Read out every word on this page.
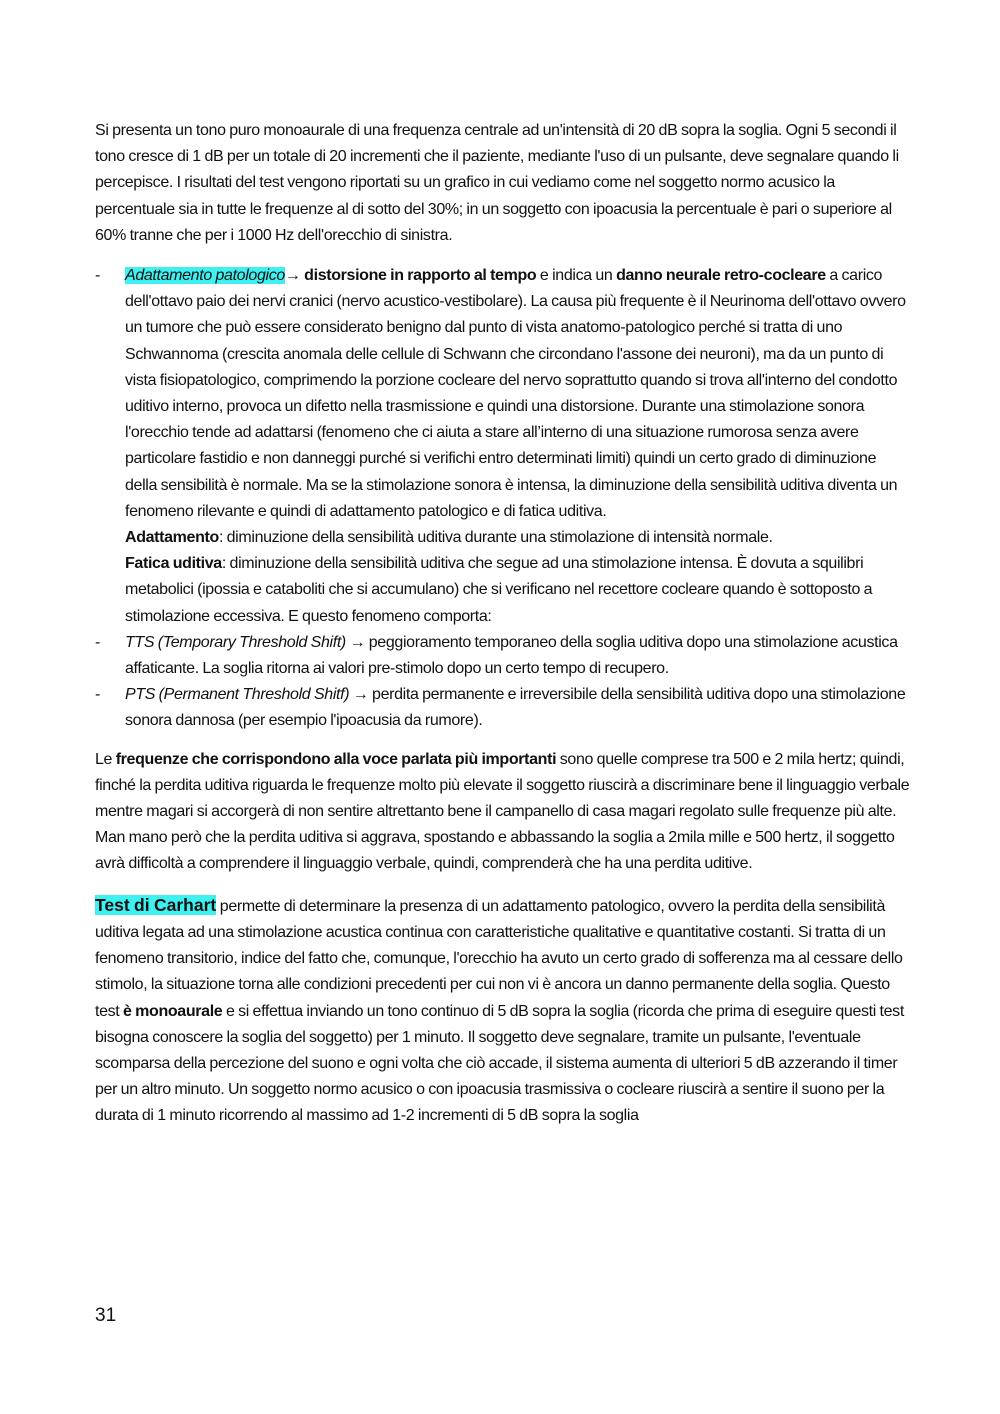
Si presenta un tono puro monoaurale di una frequenza centrale ad un'intensità di 20 dB sopra la soglia. Ogni 5 secondi il tono cresce di 1 dB per un totale di 20 incrementi che il paziente, mediante l'uso di un pulsante, deve segnalare quando li percepisce. I risultati del test vengono riportati su un grafico in cui vediamo come nel soggetto normo acusico la percentuale sia in tutte le frequenze al di sotto del 30%; in un soggetto con ipoacusia la percentuale è pari o superiore al 60% tranne che per i 1000 Hz dell'orecchio di sinistra.

- Adattamento patologico→ distorsione in rapporto al tempo e indica un danno neurale retro-cocleare a carico dell'ottavo paio dei nervi cranici (nervo acustico-vestibolare). La causa più frequente è il Neurinoma dell'ottavo ovvero un tumore che può essere considerato benigno dal punto di vista anatomo-patologico perché si tratta di uno Schwannoma (crescita anomala delle cellule di Schwann che circondano l'assone dei neuroni), ma da un punto di vista fisiopatologico, comprimendo la porzione cocleare del nervo soprattutto quando si trova all'interno del condotto uditivo interno, provoca un difetto nella trasmissione e quindi una distorsione. Durante una stimolazione sonora l'orecchio tende ad adattarsi (fenomeno che ci aiuta a stare all’interno di una situazione rumorosa senza avere particolare fastidio e non danneggi purché si verifichi entro determinati limiti) quindi un certo grado di diminuzione della sensibilità è normale. Ma se la stimolazione sonora è intensa, la diminuzione della sensibilità uditiva diventa un fenomeno rilevante e quindi di adattamento patologico e di fatica uditiva.
Adattamento: diminuzione della sensibilità uditiva durante una stimolazione di intensità normale.
Fatica uditiva: diminuzione della sensibilità uditiva che segue ad una stimolazione intensa. È dovuta a squilibri metabolici (ipossia e cataboliti che si accumulano) che si verificano nel recettore cocleare quando è sottoposto a stimolazione eccessiva. E questo fenomeno comporta:
- TTS (Temporary Threshold Shift) → peggioramento temporaneo della soglia uditiva dopo una stimolazione acustica affaticante. La soglia ritorna ai valori pre-stimolo dopo un certo tempo di recupero.
- PTS (Permanent Threshold Shitf) → perdita permanente e irreversibile della sensibilità uditiva dopo una stimolazione sonora dannosa (per esempio l'ipoacusia da rumore).

Le frequenze che corrispondono alla voce parlata più importanti sono quelle comprese tra 500 e 2 mila hertz; quindi, finché la perdita uditiva riguarda le frequenze molto più elevate il soggetto riuscirà a discriminare bene il linguaggio verbale mentre magari si accorgerà di non sentire altrettanto bene il campanello di casa magari regolato sulle frequenze più alte. Man mano però che la perdita uditiva si aggrava, spostando e abbassando la soglia a 2mila mille e 500 hertz, il soggetto avrà difficoltà a comprendere il linguaggio verbale, quindi, comprenderà che ha una perdita uditive.

Test di Carhart permette di determinare la presenza di un adattamento patologico, ovvero la perdita della sensibilità uditiva legata ad una stimolazione acustica continua con caratteristiche qualitative e quantitative costanti. Si tratta di un fenomeno transitorio, indice del fatto che, comunque, l'orecchio ha avuto un certo grado di sofferenza ma al cessare dello stimolo, la situazione torna alle condizioni precedenti per cui non vi è ancora un danno permanente della soglia. Questo test è monoaurale e si effettua inviando un tono continuo di 5 dB sopra la soglia (ricorda che prima di eseguire questi test bisogna conoscere la soglia del soggetto) per 1 minuto. Il soggetto deve segnalare, tramite un pulsante, l'eventuale scomparsa della percezione del suono e ogni volta che ciò accade, il sistema aumenta di ulteriori 5 dB azzerando il timer per un altro minuto. Un soggetto normo acusico o con ipoacusia trasmissiva o cocleare riuscirà a sentire il suono per la durata di 1 minuto ricorrendo al massimo ad 1-2 incrementi di 5 dB sopra la soglia

31
